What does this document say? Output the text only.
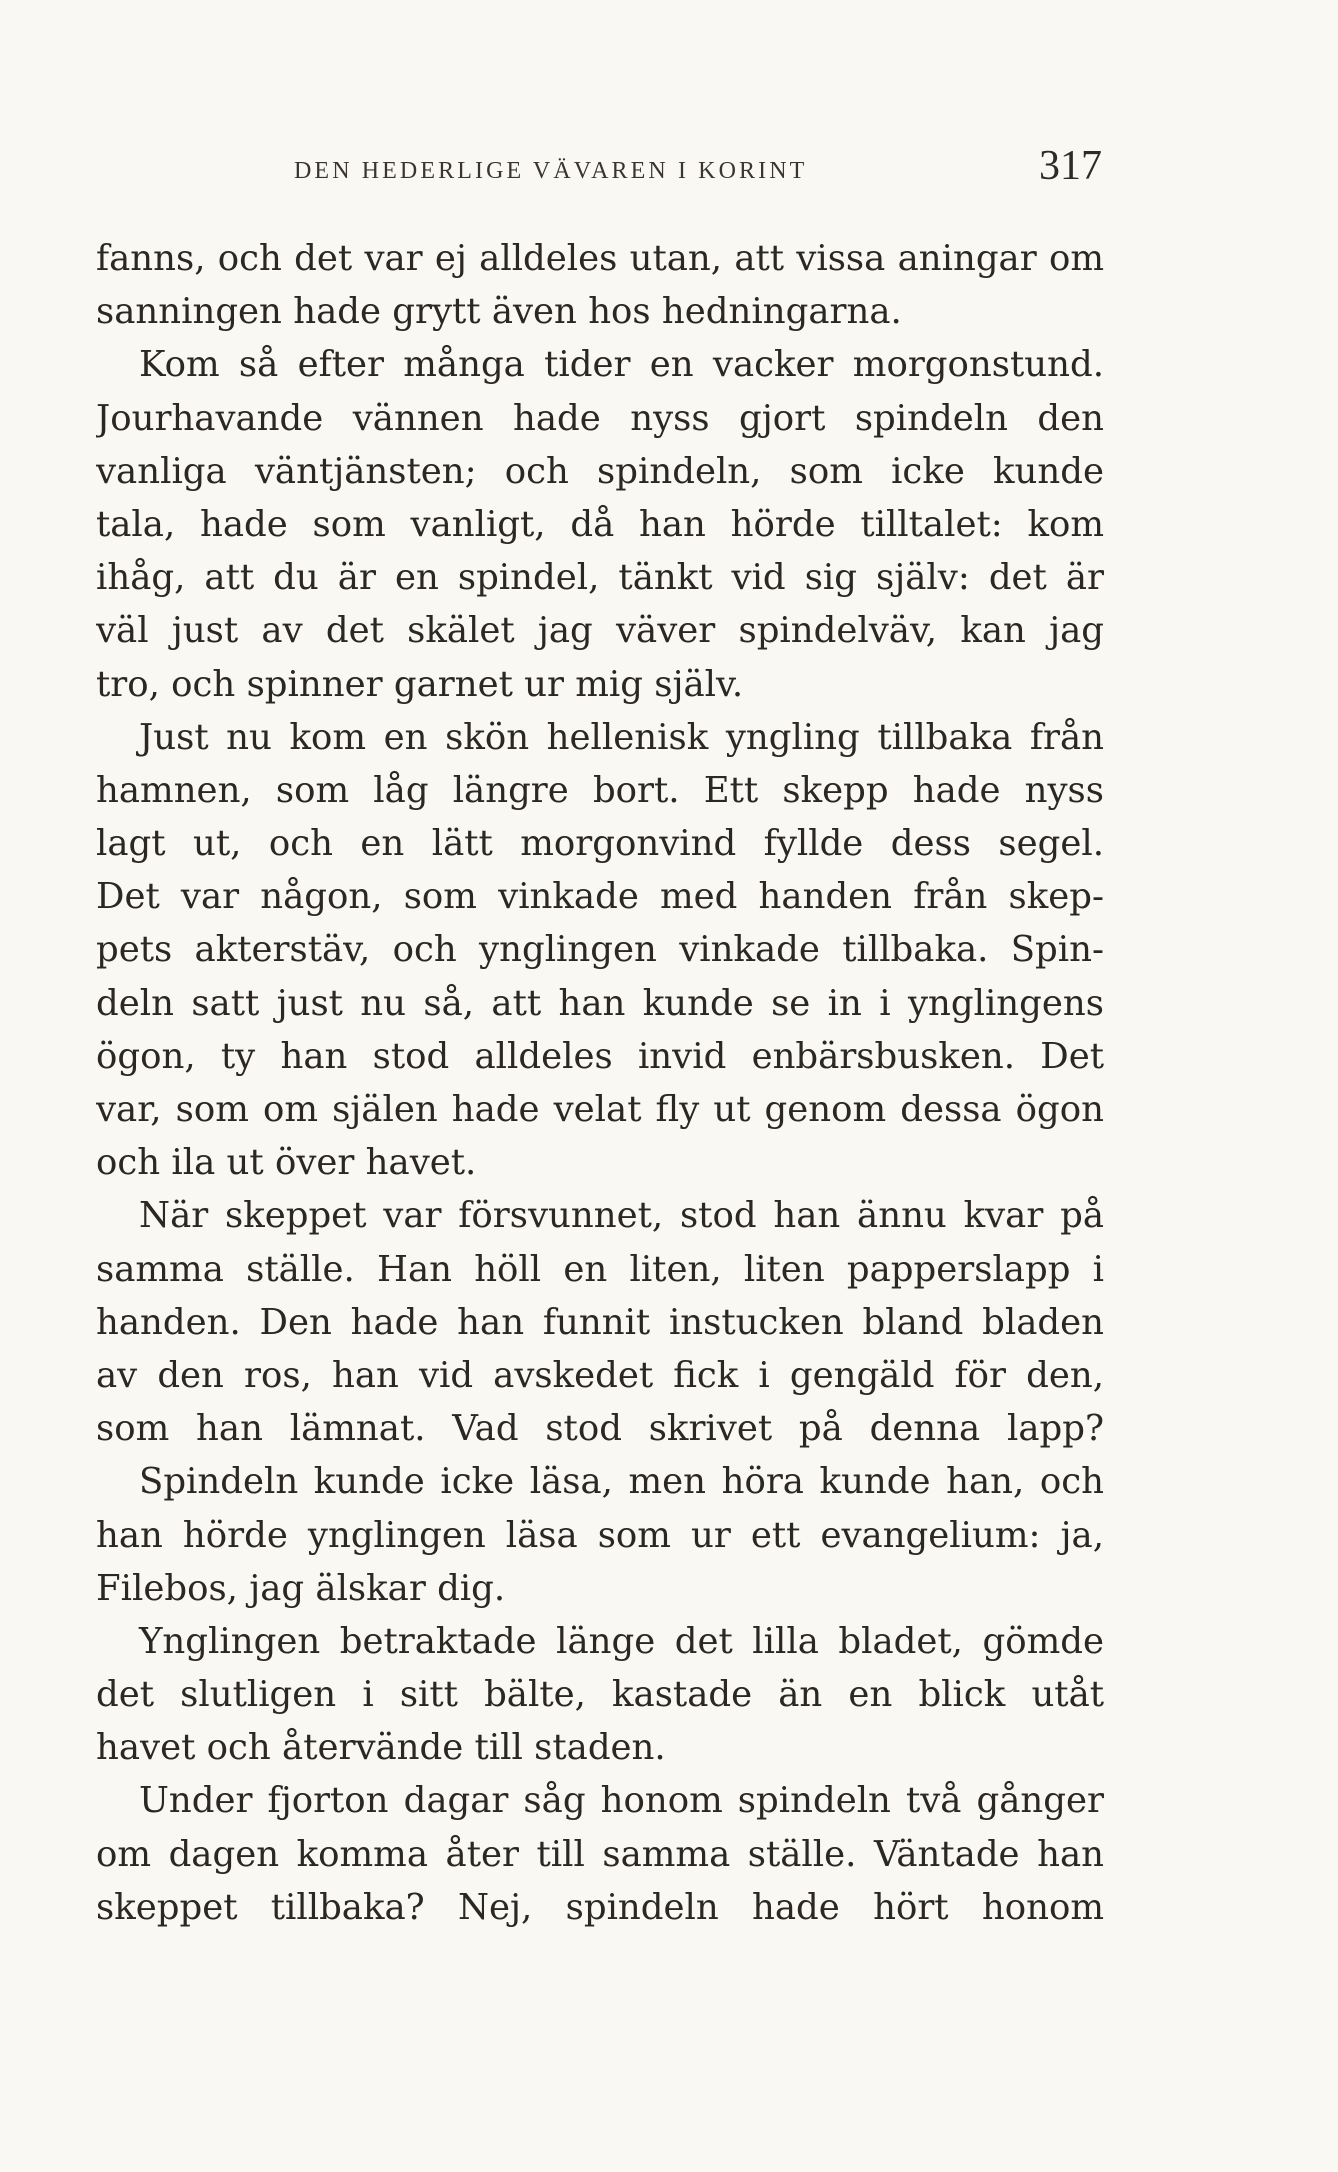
DEN HEDERLIGE VÄVAREN I KORINT	317
fanns, och det var ej alldeles utan, att vissa aningar om
sanningen hade grytt även hos hedningarna.
Kom så efter många tider en vacker morgonstund.
Jourhavande vännen hade nyss gjort spindeln den
vanliga väntjänsten; och spindeln, som icke kunde
tala, hade som vanligt, då han hörde tilltalet: kom
ihåg, att du är en spindel, tänkt vid sig själv: det är
väl just av det skälet jag väver spindelväv, kan jag
tro, och spinner garnet ur mig själv.
Just nu kom en skön hellenisk yngling tillbaka från
hamnen, som låg längre bort. Ett skepp hade nyss
lagt ut, och en lätt morgonvind fyllde dess segel.
Det var någon, som vinkade med handen från skep-
pets akterstäv, och ynglingen vinkade tillbaka. Spin-
deln satt just nu så, att han kunde se in i ynglingens
ögon, ty han stod alldeles invid enbärsbusken. Det
var, som om själen hade velat fly ut genom dessa ögon
och ila ut över havet.
När skeppet var försvunnet, stod han ännu kvar på
samma ställe. Han höll en liten, liten papperslapp i
handen. Den hade han funnit instucken bland bladen
av den ros, han vid avskedet fick i gengäld för den,
som han lämnat. Vad stod skrivet på denna lapp?
Spindeln kunde icke läsa, men höra kunde han, och
han hörde ynglingen läsa som ur ett evangelium: ja,
Filebos, jag älskar dig.
Ynglingen betraktade länge det lilla bladet, gömde
det slutligen i sitt bälte, kastade än en blick utåt
havet och återvände till staden.
Under fjorton dagar såg honom spindeln två gånger
om dagen komma åter till samma ställe. Väntade han
skeppet tillbaka? Nej, spindeln hade hört honom
